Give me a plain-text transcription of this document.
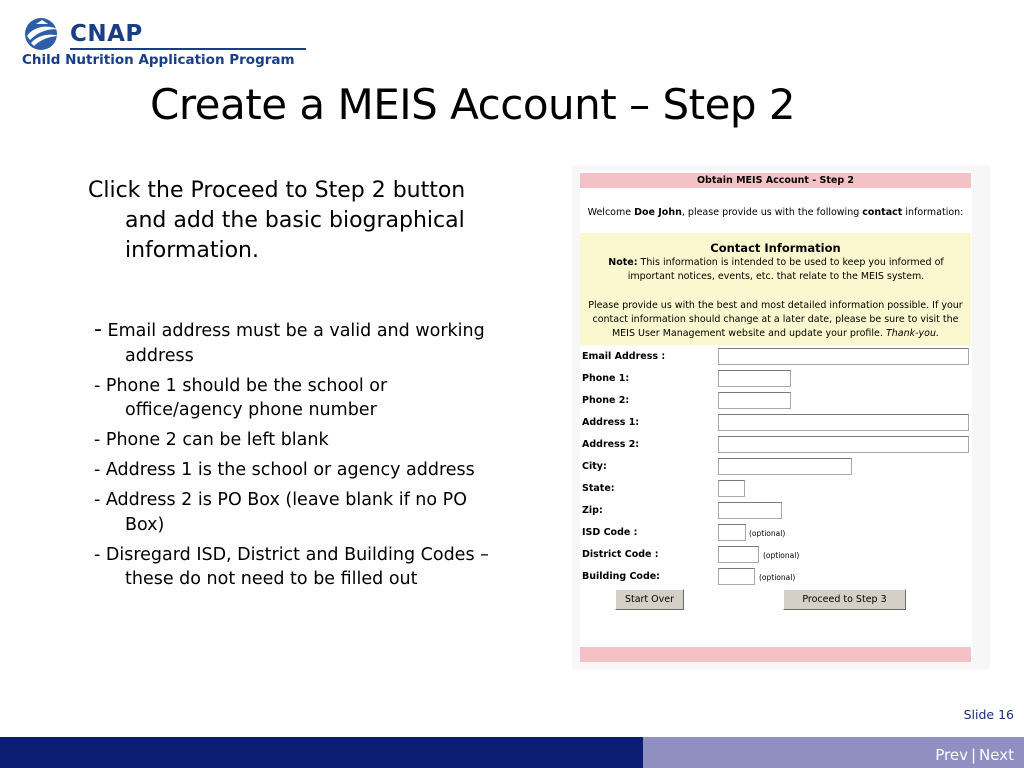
CNAP
Child Nutrition Application Program
Create a MEIS Account – Step 2
Click the Proceed to Step 2 button and add the basic biographical information.
- Email address must be a valid and working address
- Phone 1 should be the school or office/agency phone number
- Phone 2 can be left blank
- Address 1 is the school or agency address
- Address 2 is PO Box (leave blank if no PO Box)
- Disregard ISD, District and Building Codes – these do not need to be filled out
Obtain MEIS Account - Step 2
Welcome Doe John, please provide us with the following contact information:
Contact Information
Note: This information is intended to be used to keep you informed of important notices, events, etc. that relate to the MEIS system.
Please provide us with the best and most detailed information possible. If your contact information should change at a later date, please be sure to visit the MEIS User Management website and update your profile. Thank-you.
Email Address :
Phone 1:
Phone 2:
Address 1:
Address 2:
City:
State:
Zip:
ISD Code :	(optional)
District Code :	(optional)
Building Code:	(optional)
Start Over	Proceed to Step 3
Slide 16
Prev | Next
